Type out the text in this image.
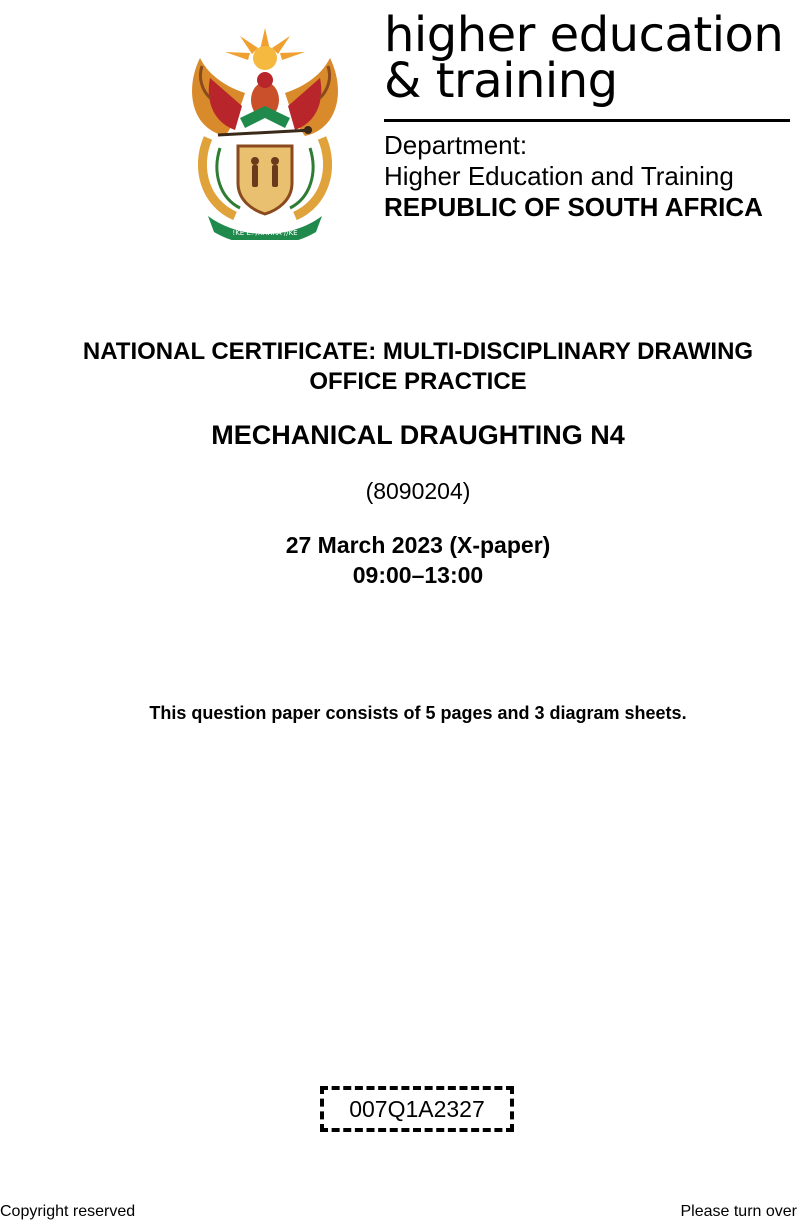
!KE E: /XARRA //KE
higher education
& training
Department:
Higher Education and Training
REPUBLIC OF SOUTH AFRICA
NATIONAL CERTIFICATE: MULTI-DISCIPLINARY DRAWING
OFFICE PRACTICE
MECHANICAL DRAUGHTING N4
(8090204)
27 March 2023 (X-paper)
09:00–13:00
This question paper consists of 5 pages and 3 diagram sheets.
007Q1A2327
Copyright reserved	Please turn over
